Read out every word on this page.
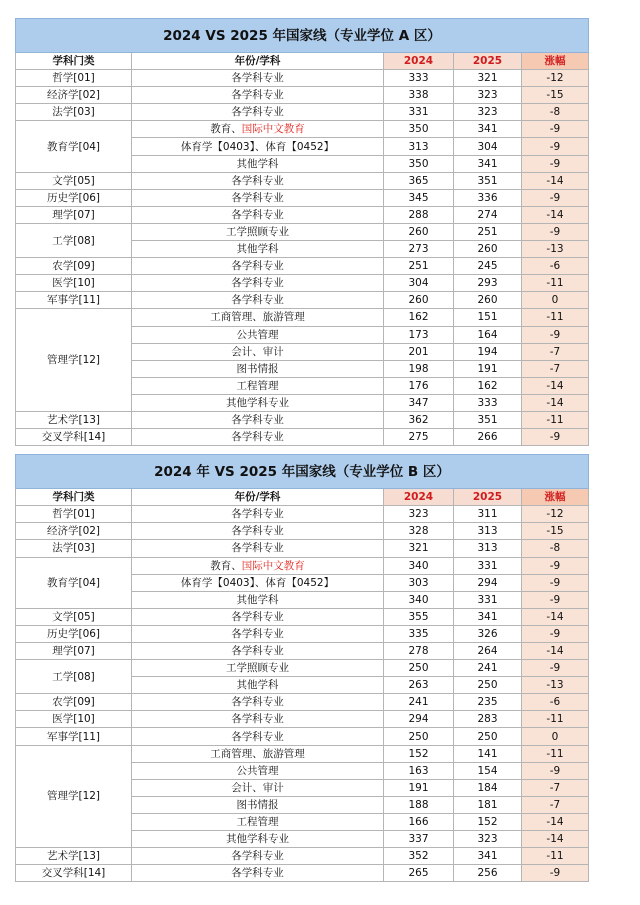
2024 VS 2025 年国家线（专业学位 A 区）				
学科门类	年份/学科	2024	2025	涨幅
哲学[01]	各学科专业	333	321	-12
经济学[02]	各学科专业	338	323	-15
法学[03]	各学科专业	331	323	-8
教育学[04]	教育、国际中文教育	350	341	-9
	体育学【0403】、体育【0452】	313	304	-9
	其他学科	350	341	-9
文学[05]	各学科专业	365	351	-14
历史学[06]	各学科专业	345	336	-9
理学[07]	各学科专业	288	274	-14
工学[08]	工学照顾专业	260	251	-9
	其他学科	273	260	-13
农学[09]	各学科专业	251	245	-6
医学[10]	各学科专业	304	293	-11
军事学[11]	各学科专业	260	260	0
管理学[12]	工商管理、旅游管理	162	151	-11
	公共管理	173	164	-9
	会计、审计	201	194	-7
	图书情报	198	191	-7
	工程管理	176	162	-14
	其他学科专业	347	333	-14
艺术学[13]	各学科专业	362	351	-11
交叉学科[14]	各学科专业	275	266	-9
2024 年 VS 2025 年国家线（专业学位 B 区）				
学科门类	年份/学科	2024	2025	涨幅
哲学[01]	各学科专业	323	311	-12
经济学[02]	各学科专业	328	313	-15
法学[03]	各学科专业	321	313	-8
教育学[04]	教育、国际中文教育	340	331	-9
	体育学【0403】、体育【0452】	303	294	-9
	其他学科	340	331	-9
文学[05]	各学科专业	355	341	-14
历史学[06]	各学科专业	335	326	-9
理学[07]	各学科专业	278	264	-14
工学[08]	工学照顾专业	250	241	-9
	其他学科	263	250	-13
农学[09]	各学科专业	241	235	-6
医学[10]	各学科专业	294	283	-11
军事学[11]	各学科专业	250	250	0
管理学[12]	工商管理、旅游管理	152	141	-11
	公共管理	163	154	-9
	会计、审计	191	184	-7
	图书情报	188	181	-7
	工程管理	166	152	-14
	其他学科专业	337	323	-14
艺术学[13]	各学科专业	352	341	-11
交叉学科[14]	各学科专业	265	256	-9
